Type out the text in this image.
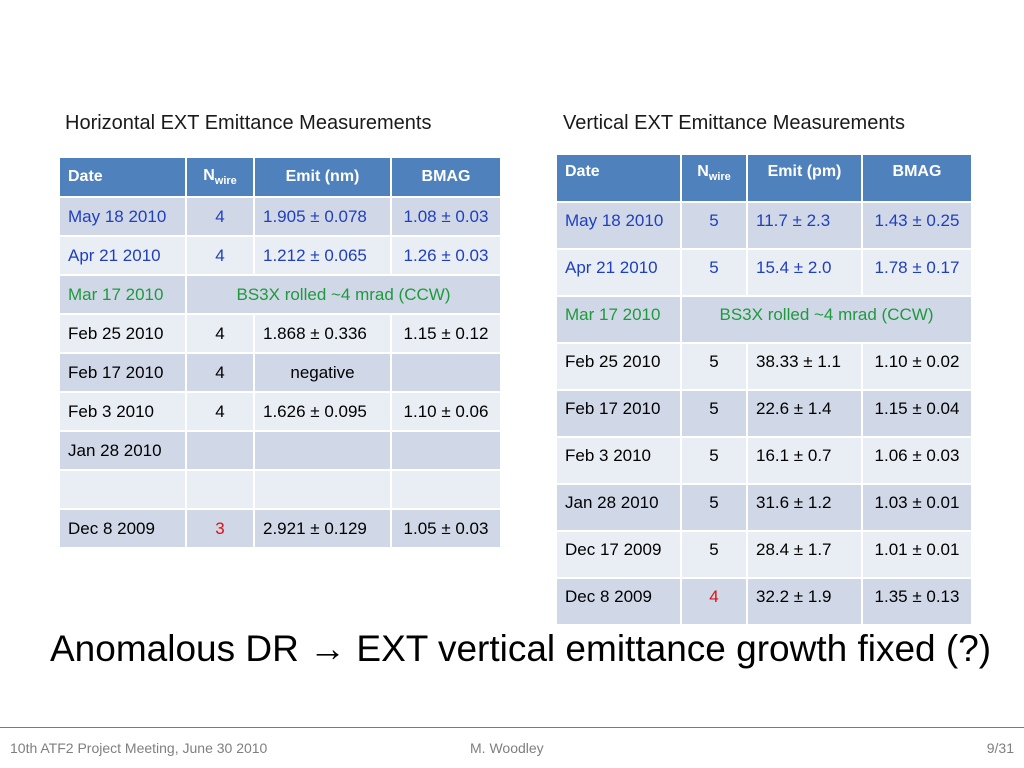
Horizontal EXT Emittance Measurements	Vertical EXT Emittance Measurements
Date	$N_{wire}$	Emit (nm)	BMAG
May 18 2010	4	1.905 ± 0.078	1.08 ± 0.03
Apr 21 2010	4	1.212 ± 0.065	1.26 ± 0.03
Mar 17 2010	BS3X rolled ~4 mrad (CCW)		
Feb 25 2010	4	1.868 ± 0.336	1.15 ± 0.12
Feb 17 2010	4	negative	
Feb 3 2010	4	1.626 ± 0.095	1.10 ± 0.06
Jan 28 2010			

Dec 8 2009	3	2.921 ± 0.129	1.05 ± 0.03
Date	$N_{wire}$	Emit (pm)	BMAG
May 18 2010	5	11.7 ± 2.3	1.43 ± 0.25
Apr 21 2010	5	15.4 ± 2.0	1.78 ± 0.17
Mar 17 2010	BS3X rolled ~4 mrad (CCW)		
Feb 25 2010	5	38.33 ± 1.1	1.10 ± 0.02
Feb 17 2010	5	22.6 ± 1.4	1.15 ± 0.04
Feb 3 2010	5	16.1 ± 0.7	1.06 ± 0.03
Jan 28 2010	5	31.6 ± 1.2	1.03 ± 0.01
Dec 17 2009	5	28.4 ± 1.7	1.01 ± 0.01
Dec 8 2009	4	32.2 ± 1.9	1.35 ± 0.13
Anomalous DR → EXT vertical emittance growth fixed (?)
10th ATF2 Project Meeting, June 30 2010	M. Woodley	9/31
